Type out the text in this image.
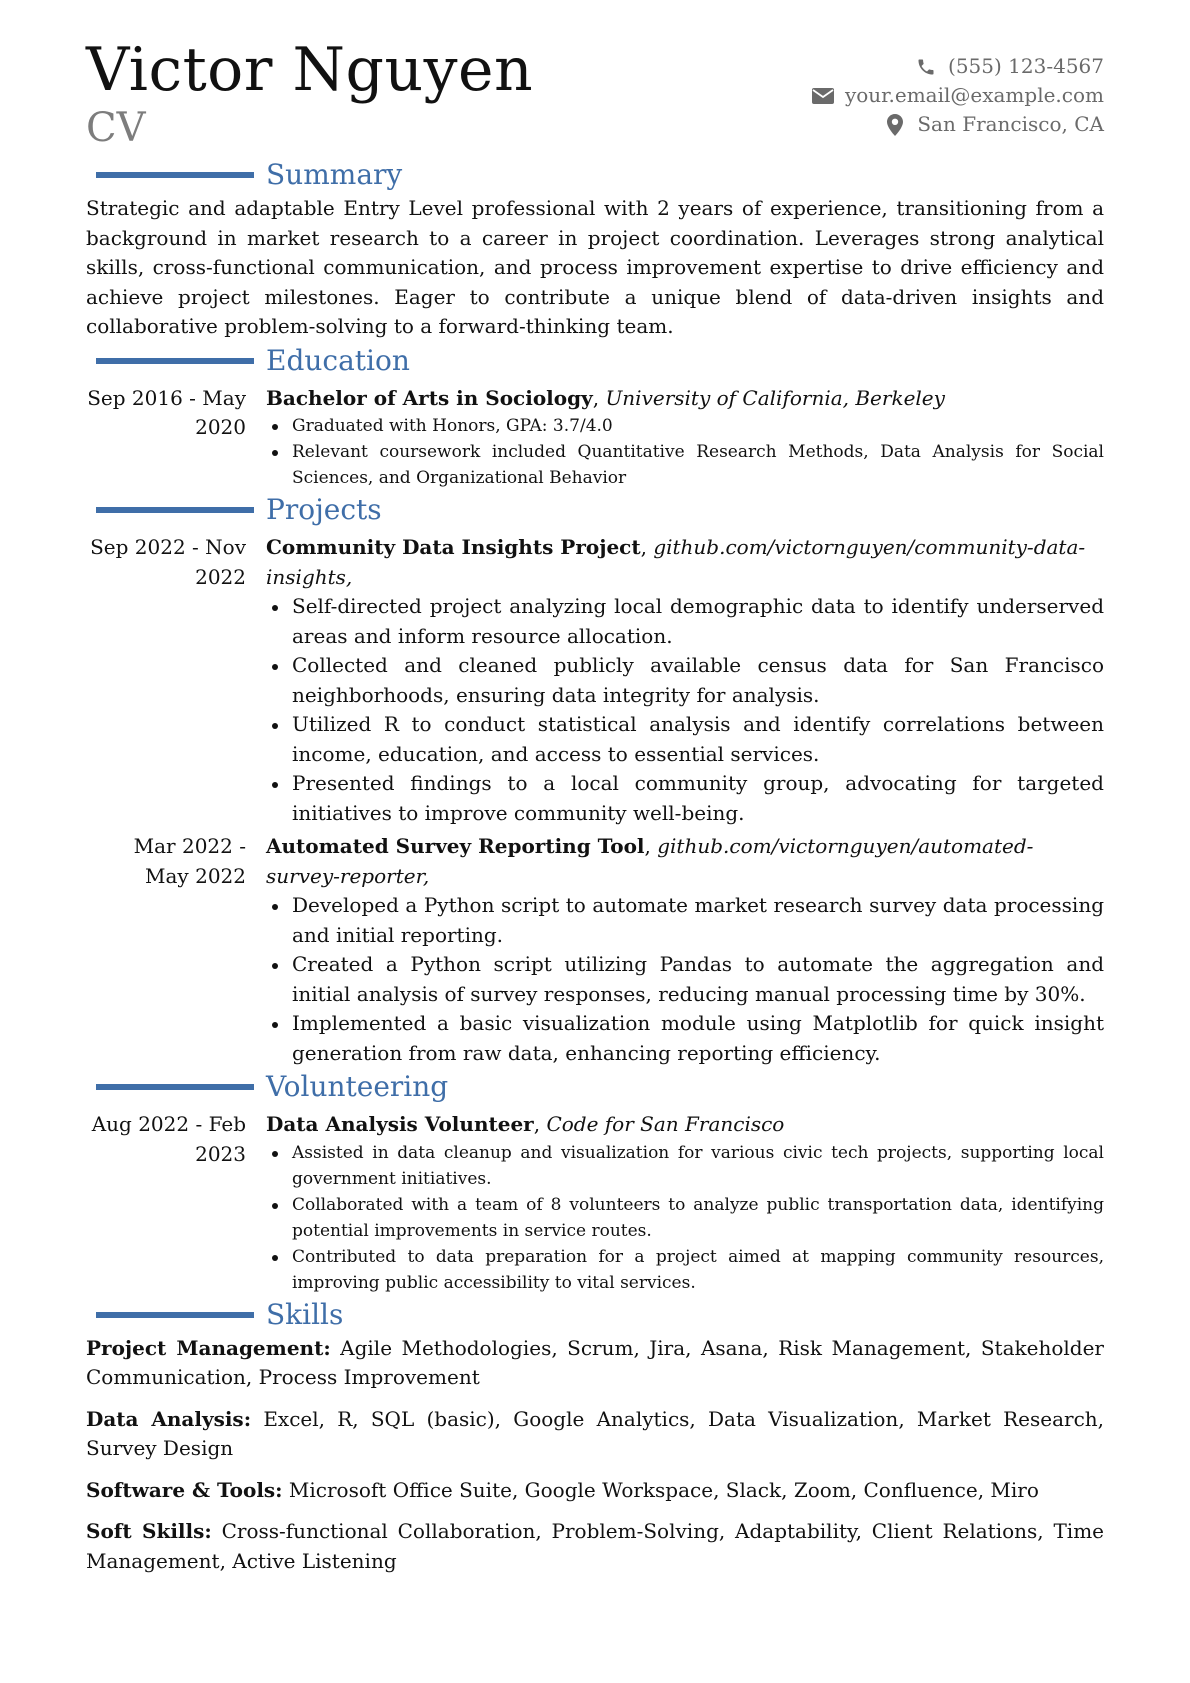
Victor Nguyen
CV
(555) 123-4567
your.email@example.com
San Francisco, CA
Summary

Strategic and adaptable Entry Level professional with 2 years of experience, transitioning from a background in market research to a career in project coordination. Leverages strong analytical skills, cross-functional communication, and process improvement expertise to drive efficiency and achieve project milestones. Eager to contribute a unique blend of data-driven insights and collaborative problem-solving to a forward-thinking team.

Education
Sep 2016 - May 2020
Bachelor of Arts in Sociology, University of California, Berkeley
Graduated with Honors, GPA: 3.7/4.0
Relevant coursework included Quantitative Research Methods, Data Analysis for Social Sciences, and Organizational Behavior
Projects
Sep 2022 - Nov 2022
Community Data Insights Project, github.com/victornguyen/community-data-insights,
Self-directed project analyzing local demographic data to identify underserved areas and inform resource allocation.
Collected and cleaned publicly available census data for San Francisco neighborhoods, ensuring data integrity for analysis.
Utilized R to conduct statistical analysis and identify correlations between income, education, and access to essential services.
Presented findings to a local community group, advocating for targeted initiatives to improve community well-being.
Mar 2022 - May 2022
Automated Survey Reporting Tool, github.com/victornguyen/automated-survey-reporter,
Developed a Python script to automate market research survey data processing and initial reporting.
Created a Python script utilizing Pandas to automate the aggregation and initial analysis of survey responses, reducing manual processing time by 30%.
Implemented a basic visualization module using Matplotlib for quick insight generation from raw data, enhancing reporting efficiency.
Volunteering
Aug 2022 - Feb 2023
Data Analysis Volunteer, Code for San Francisco
Assisted in data cleanup and visualization for various civic tech projects, supporting local government initiatives.
Collaborated with a team of 8 volunteers to analyze public transportation data, identifying potential improvements in service routes.
Contributed to data preparation for a project aimed at mapping community resources, improving public accessibility to vital services.
Skills

Project Management: Agile Methodologies, Scrum, Jira, Asana, Risk Management, Stakeholder Communication, Process Improvement

Data Analysis: Excel, R, SQL (basic), Google Analytics, Data Visualization, Market Research, Survey Design

Software & Tools: Microsoft Office Suite, Google Workspace, Slack, Zoom, Confluence, Miro

Soft Skills: Cross-functional Collaboration, Problem-Solving, Adaptability, Client Relations, Time Management, Active Listening
